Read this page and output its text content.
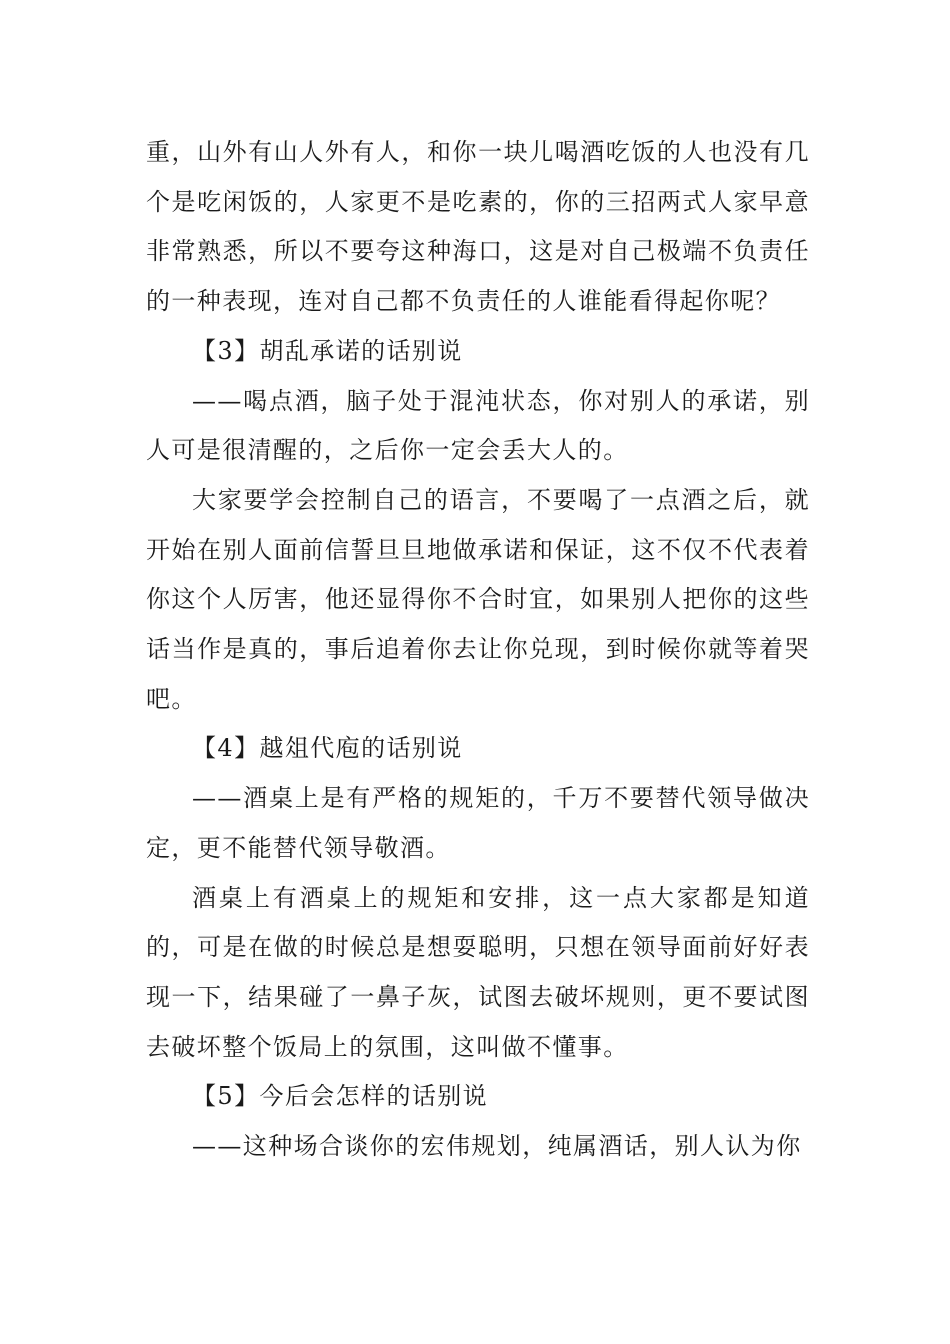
重，山外有山人外有人，和你一块儿喝酒吃饭的人也没有几个是吃闲饭的，人家更不是吃素的，你的三招两式人家早意非常熟悉，所以不要夸这种海口，这是对自己极端不负责任的一种表现，连对自己都不负责任的人谁能看得起你呢？

【3】胡乱承诺的话别说

——喝点酒，脑子处于混沌状态，你对别人的承诺，别人可是很清醒的，之后你一定会丢大人的。

大家要学会控制自己的语言，不要喝了一点酒之后，就开始在别人面前信誓旦旦地做承诺和保证，这不仅不代表着你这个人厉害，他还显得你不合时宜，如果别人把你的这些话当作是真的，事后追着你去让你兑现，到时候你就等着哭吧。

【4】越俎代庖的话别说

——酒桌上是有严格的规矩的，千万不要替代领导做决定，更不能替代领导敬酒。

酒桌上有酒桌上的规矩和安排，这一点大家都是知道的，可是在做的时候总是想耍聪明，只想在领导面前好好表现一下，结果碰了一鼻子灰，试图去破坏规则，更不要试图去破坏整个饭局上的氛围，这叫做不懂事。

【5】今后会怎样的话别说

——这种场合谈你的宏伟规划，纯属酒话，别人认为你
